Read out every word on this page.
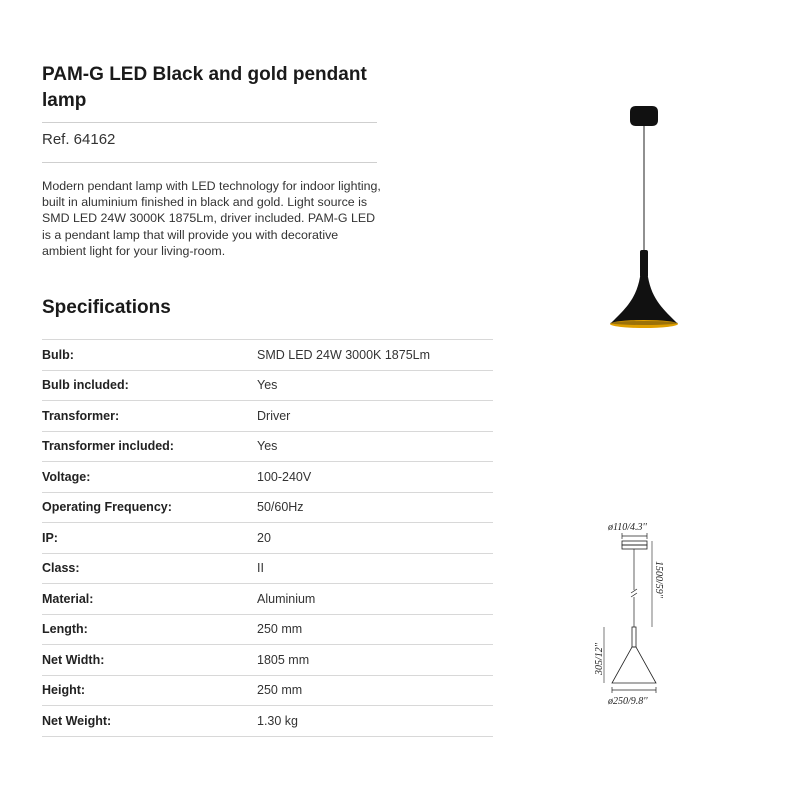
PAM-G LED Black and gold pendant lamp
Ref. 64162

Modern pendant lamp with LED technology for indoor lighting, built in aluminium finished in black and gold. Light source is SMD LED 24W 3000K 1875Lm, driver included. PAM-G LED is a pendant lamp that will provide you with decorative ambient light for your living-room.

Specifications
Bulb:	SMD LED 24W 3000K 1875Lm
Bulb included:	Yes
Transformer:	Driver
Transformer included:	Yes
Voltage:	100-240V
Operating Frequency:	50/60Hz
IP:	20
Class:	II
Material:	Aluminium
Length:	250 mm
Net Width:	1805 mm
Height:	250 mm
Net Weight:	1.30 kg
ø110/4.3''
1500/59''
305/12''
ø250/9.8''
